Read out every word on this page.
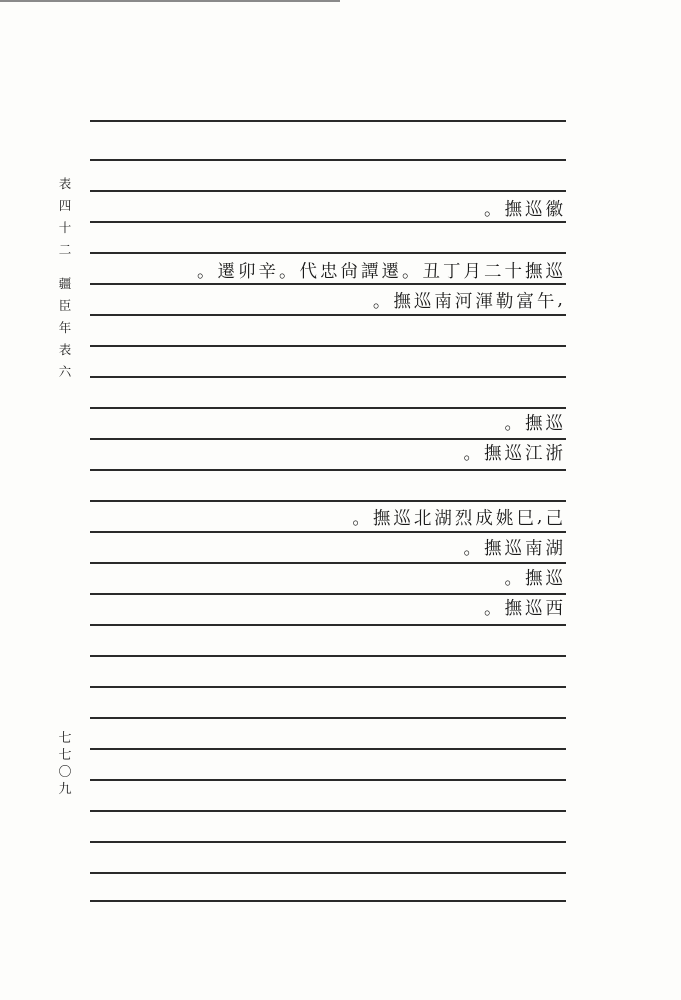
表
四
十
二
疆
臣
年
表
六
七
七
〇
九
徽
巡
撫
。
巡
撫
十
二
月
丁
丑
。
遷
譚
尙
忠
代
。
辛
卯
遷
。
,
午
富
勒
渾
河
南
巡
撫
。
巡
撫
。
浙
江
巡
撫
。
己
,
巳
姚
成
烈
湖
北
巡
撫
。
湖
南
巡
撫
。
巡
撫
。
西
巡
撫
。
